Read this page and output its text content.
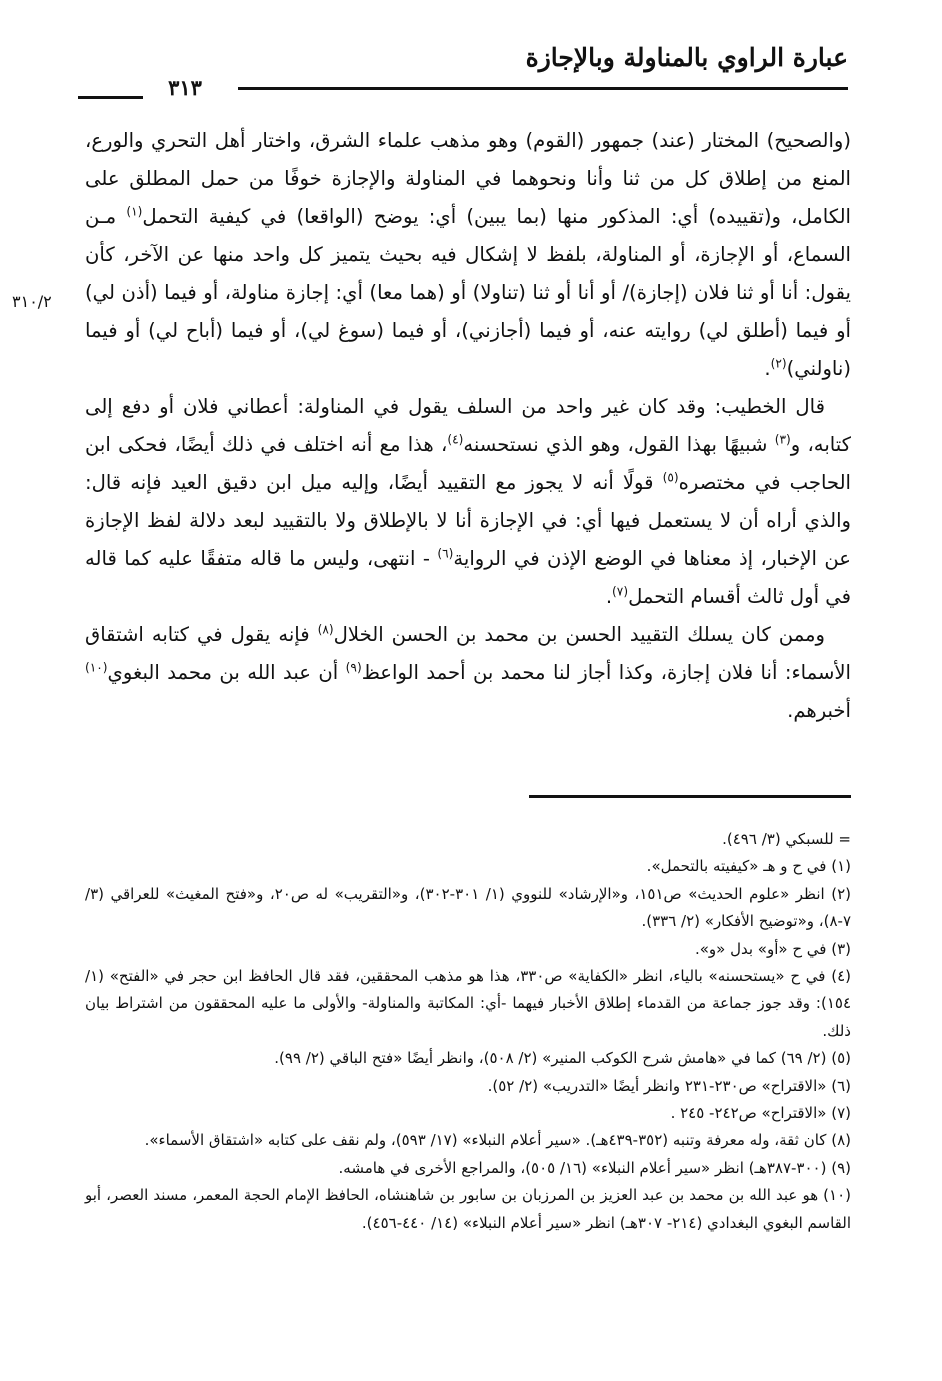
عبارة الراوي بالمناولة وبالإجازة
٣١٣
٣١٠/٢

(والصحيح) المختار (عند) جمهور (القوم) وهو مذهب علماء الشرق، واختار أهل التحري والورع، المنع من إطلاق كل من ثنا وأنا ونحوهما في المناولة والإجازة خوفًا من حمل المطلق على الكامل، و(تقييده) أي: المذكور منها (بما يبين) أي: يوضح (الواقعا) في كيفية التحمل$^{(١)}$ مـن السماع، أو الإجازة، أو المناولة، بلفظ لا إشكال فيه بحيث يتميز كل واحد منها عن الآخر، كأن يقول: أنا أو ثنا فلان (إجازة)/ أو أنا أو ثنا (تناولا) أو (هما معا) أي: إجازة مناولة، أو فيما (أذن لي) أو فيما (أطلق لي) روايته عنه، أو فيما (أجازني)، أو فيما (سوغ لي)، أو فيما (أباح لي) أو فيما (ناولني)$^{(٢)}$.

قال الخطيب: وقد كان غير واحد من السلف يقول في المناولة: أعطاني فلان أو دفع إلى كتابه، و$^{(٣)}$ شبيهًا بهذا القول، وهو الذي نستحسنه$^{(٤)}$، هذا مع أنه اختلف في ذلك أيضًا، فحكى ابن الحاجب في مختصره$^{(٥)}$ قولًا أنه لا يجوز مع التقييد أيضًا، وإليه ميل ابن دقيق العيد فإنه قال: والذي أراه أن لا يستعمل فيها أي: في الإجازة أنا لا بالإطلاق ولا بالتقييد لبعد دلالة لفظ الإجازة عن الإخبار، إذ معناها في الوضع الإذن في الرواية$^{(٦)}$ - انتهى، وليس ما قاله متفقًا عليه كما قاله في أول ثالث أقسام التحمل$^{(٧)}$.

وممن كان يسلك التقييد الحسن بن محمد بن الحسن الخلال$^{(٨)}$ فإنه يقول في كتابه اشتقاق الأسماء: أنا فلان إجازة، وكذا أجاز لنا محمد بن أحمد الواعظ$^{(٩)}$ أن عبد الله بن محمد البغوي$^{(١٠)}$ أخبرهم.

= للسبكي (٣/ ٤٩٦).

(١) في ح و هـ «كيفيته بالتحمل».

(٢) انظر «علوم الحديث» ص١٥١، و«الإرشاد» للنووي (١/ ٣٠١-٣٠٢)، و«التقريب» له ص٢٠، و«فتح المغيث» للعراقي (٣/ ٧-٨)، و«توضيح الأفكار» (٢/ ٣٣٦).

(٣) في ح «أو» بدل «و».

(٤) في ح «يستحسنه» بالياء، انظر «الكفاية» ص٣٣٠، هذا هو مذهب المحققين، فقد قال الحافظ ابن حجر في «الفتح» (١/ ١٥٤): وقد جوز جماعة من القدماء إطلاق الأخبار فيهما -أي: المكاتبة والمناولة- والأولى ما عليه المحققون من اشتراط بيان ذلك.

(٥) (٢/ ٦٩) كما في «هامش شرح الكوكب المنير» (٢/ ٥٠٨)، وانظر أيضًا «فتح الباقي (٢/ ٩٩).

(٦) «الاقتراح» ص٢٣٠-٢٣١ وانظر أيضًا «التدريب» (٢/ ٥٢).

(٧) «الاقتراح» ص٢٤٢- ٢٤٥ .

(٨) كان ثقة، وله معرفة وتنبه (٣٥٢-٤٣٩هـ). «سير أعلام النبلاء» (١٧/ ٥٩٣)، ولم نقف على كتابه «اشتقاق الأسماء».

(٩) (٣٠٠-٣٨٧هـ) انظر «سير أعلام النبلاء» (١٦/ ٥٠٥)، والمراجع الأخرى في هامشه.

(١٠) هو عبد الله بن محمد بن عبد العزيز بن المرزبان بن سابور بن شاهنشاه، الحافظ الإمام الحجة المعمر، مسند العصر، أبو القاسم البغوي البغدادي (٢١٤- ٣٠٧هـ) انظر «سير أعلام النبلاء» (١٤/ ٤٤٠-٤٥٦).
